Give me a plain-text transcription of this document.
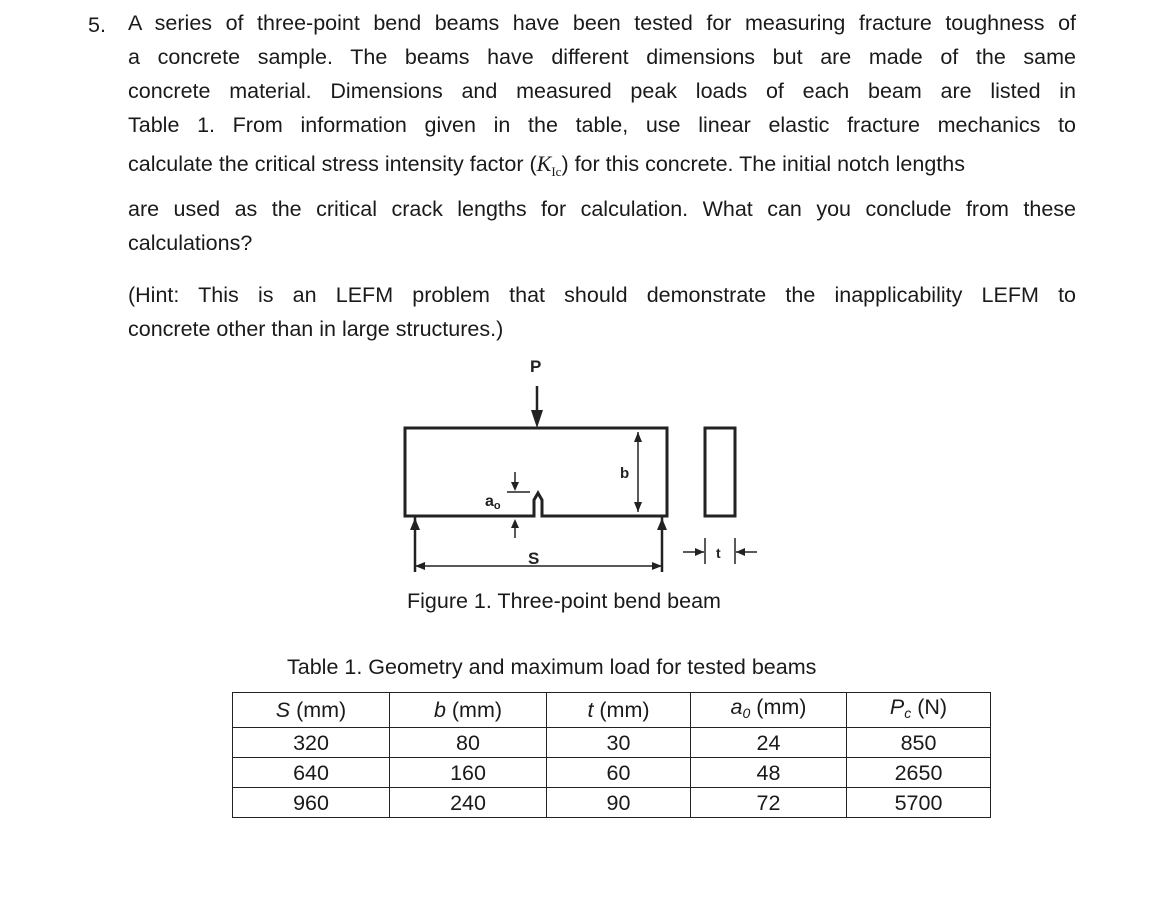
5. A series of three-point bend beams have been tested for measuring fracture toughness of
a concrete sample. The beams have different dimensions but are made of the same
concrete material. Dimensions and measured peak loads of each beam are listed in
Table 1. From information given in the table, use linear elastic fracture mechanics to
calculate the critical stress intensity factor $(K_{Ic})$ for this concrete. The initial notch lengths
are used as the critical crack lengths for calculation. What can you conclude from these
calculations?
(Hint: This is an LEFM problem that should demonstrate the inapplicability LEFM to
concrete other than in large structures.)
P
b
ao
S	t
Figure 1. Three-point bend beam
Table 1. Geometry and maximum load for tested beams
S (mm)	b (mm)	t (mm)	$a_0$ (mm)	$P_c$ (N)
320	80	30	24	850
640	160	60	48	2650
960	240	90	72	5700
